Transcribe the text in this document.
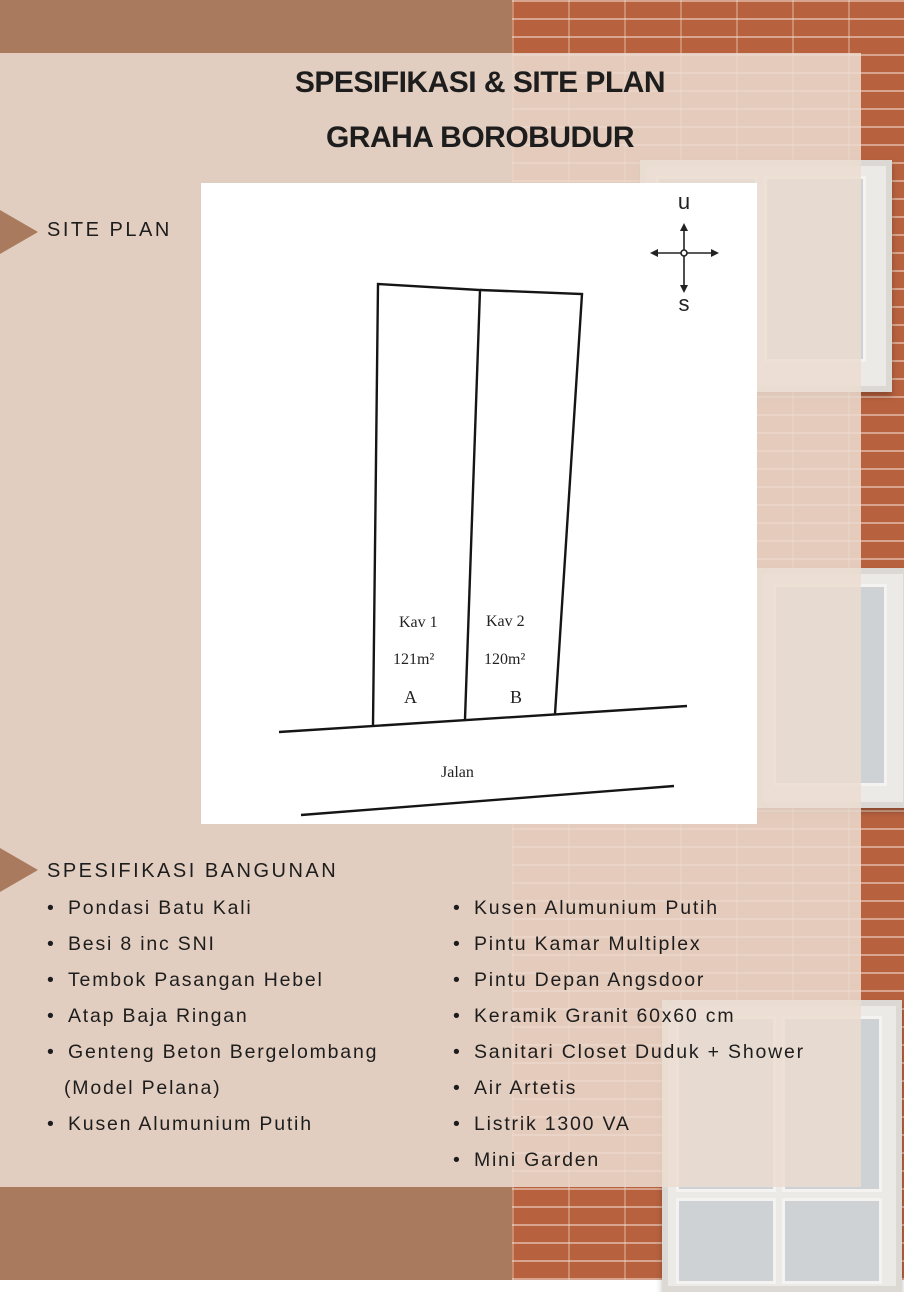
SPESIFIKASI & SITE PLAN
GRAHA BOROBUDUR
SITE PLAN
u
s
Kav 1
121m²
A
Kav 2
120m²
B
Jalan
SPESIFIKASI BANGUNAN
• Pondasi Batu Kali
• Besi 8 inc SNI
• Tembok Pasangan Hebel
• Atap Baja Ringan
• Genteng Beton Bergelombang
(Model Pelana)
• Kusen Alumunium Putih
• Kusen Alumunium Putih
• Pintu Kamar Multiplex
• Pintu Depan Angsdoor
• Keramik Granit 60x60 cm
• Sanitari Closet Duduk + Shower
• Air Artetis
• Listrik 1300 VA
• Mini Garden
